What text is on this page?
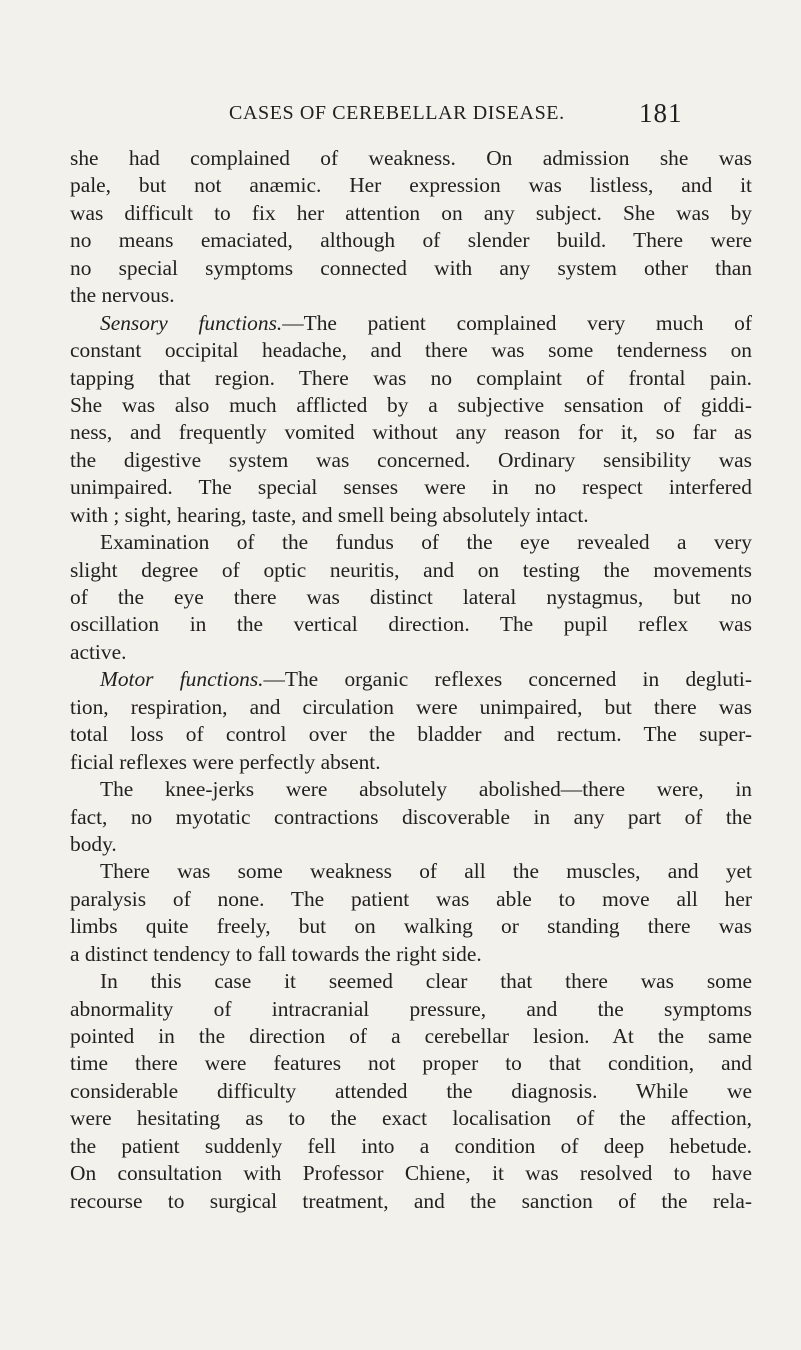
CASES OF CEREBELLAR DISEASE.	181
she had complained of weakness. On admission she was
pale, but not anæmic. Her expression was listless, and it
was difficult to fix her attention on any subject. She was by
no means emaciated, although of slender build. There were
no special symptoms connected with any system other than
the nervous.
Sensory functions.—The patient complained very much of
constant occipital headache, and there was some tenderness on
tapping that region. There was no complaint of frontal pain.
She was also much afflicted by a subjective sensation of giddi-
ness, and frequently vomited without any reason for it, so far as
the digestive system was concerned. Ordinary sensibility was
unimpaired. The special senses were in no respect interfered
with ; sight, hearing, taste, and smell being absolutely intact.
Examination of the fundus of the eye revealed a very
slight degree of optic neuritis, and on testing the movements
of the eye there was distinct lateral nystagmus, but no
oscillation in the vertical direction. The pupil reflex was
active.
Motor functions.—The organic reflexes concerned in degluti-
tion, respiration, and circulation were unimpaired, but there was
total loss of control over the bladder and rectum. The super-
ficial reflexes were perfectly absent.
The knee-jerks were absolutely abolished—there were, in
fact, no myotatic contractions discoverable in any part of the
body.
There was some weakness of all the muscles, and yet
paralysis of none. The patient was able to move all her
limbs quite freely, but on walking or standing there was
a distinct tendency to fall towards the right side.
In this case it seemed clear that there was some
abnormality of intracranial pressure, and the symptoms
pointed in the direction of a cerebellar lesion. At the same
time there were features not proper to that condition, and
considerable difficulty attended the diagnosis. While we
were hesitating as to the exact localisation of the affection,
the patient suddenly fell into a condition of deep hebetude.
On consultation with Professor Chiene, it was resolved to have
recourse to surgical treatment, and the sanction of the rela-
